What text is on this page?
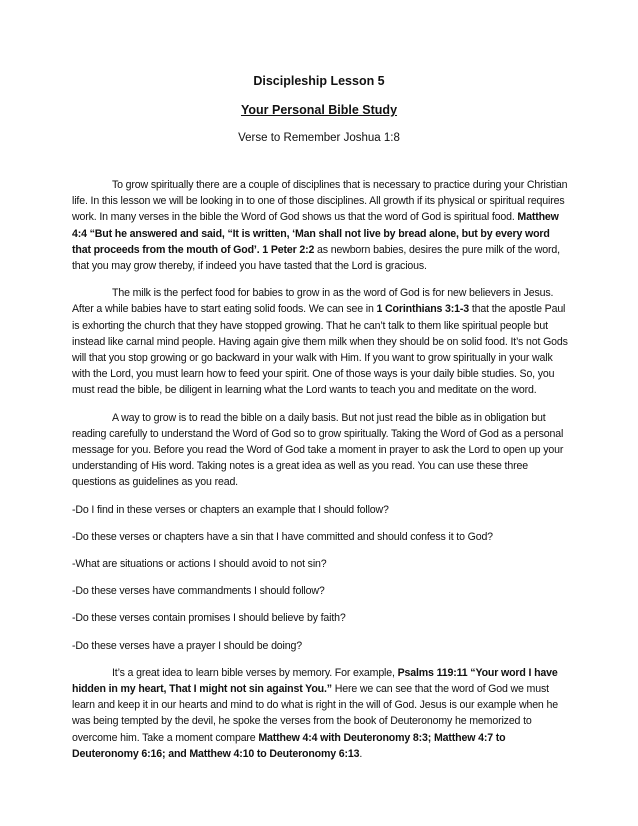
Discipleship Lesson 5
Your Personal Bible Study
Verse to Remember Joshua 1:8

To grow spiritually there are a couple of disciplines that is necessary to practice during your Christian life. In this lesson we will be looking in to one of those disciplines. All growth if its physical or spiritual requires work. In many verses in the bible the Word of God shows us that the word of God is spiritual food. Matthew 4:4 “But he answered and said, “It is written, ‘Man shall not live by bread alone, but by every word that proceeds from the mouth of God’. 1 Peter 2:2 as newborn babies, desires the pure milk of the word, that you may grow thereby, if indeed you have tasted that the Lord is gracious.

The milk is the perfect food for babies to grow in as the word of God is for new believers in Jesus. After a while babies have to start eating solid foods. We can see in 1 Corinthians 3:1-3 that the apostle Paul is exhorting the church that they have stopped growing. That he can’t talk to them like spiritual people but instead like carnal mind people. Having again give them milk when they should be on solid food. It’s not Gods will that you stop growing or go backward in your walk with Him. If you want to grow spiritually in your walk with the Lord, you must learn how to feed your spirit. One of those ways is your daily bible studies. So, you must read the bible, be diligent in learning what the Lord wants to teach you and meditate on the word.

A way to grow is to read the bible on a daily basis. But not just read the bible as in obligation but reading carefully to understand the Word of God so to grow spiritually. Taking the Word of God as a personal message for you. Before you read the Word of God take a moment in prayer to ask the Lord to open up your understanding of His word. Taking notes is a great idea as well as you read. You can use these three questions as guidelines as you read.

-Do I find in these verses or chapters an example that I should follow?

-Do these verses or chapters have a sin that I have committed and should confess it to God?

-What are situations or actions I should avoid to not sin?

-Do these verses have commandments I should follow?

-Do these verses contain promises I should believe by faith?

-Do these verses have a prayer I should be doing?

It’s a great idea to learn bible verses by memory. For example, Psalms 119:11 “Your word I have hidden in my heart, That I might not sin against You.” Here we can see that the word of God we must learn and keep it in our hearts and mind to do what is right in the will of God. Jesus is our example when he was being tempted by the devil, he spoke the verses from the book of Deuteronomy he memorized to overcome him. Take a moment compare Matthew 4:4 with Deuteronomy 8:3; Matthew 4:7 to Deuteronomy 6:16; and Matthew 4:10 to Deuteronomy 6:13.
